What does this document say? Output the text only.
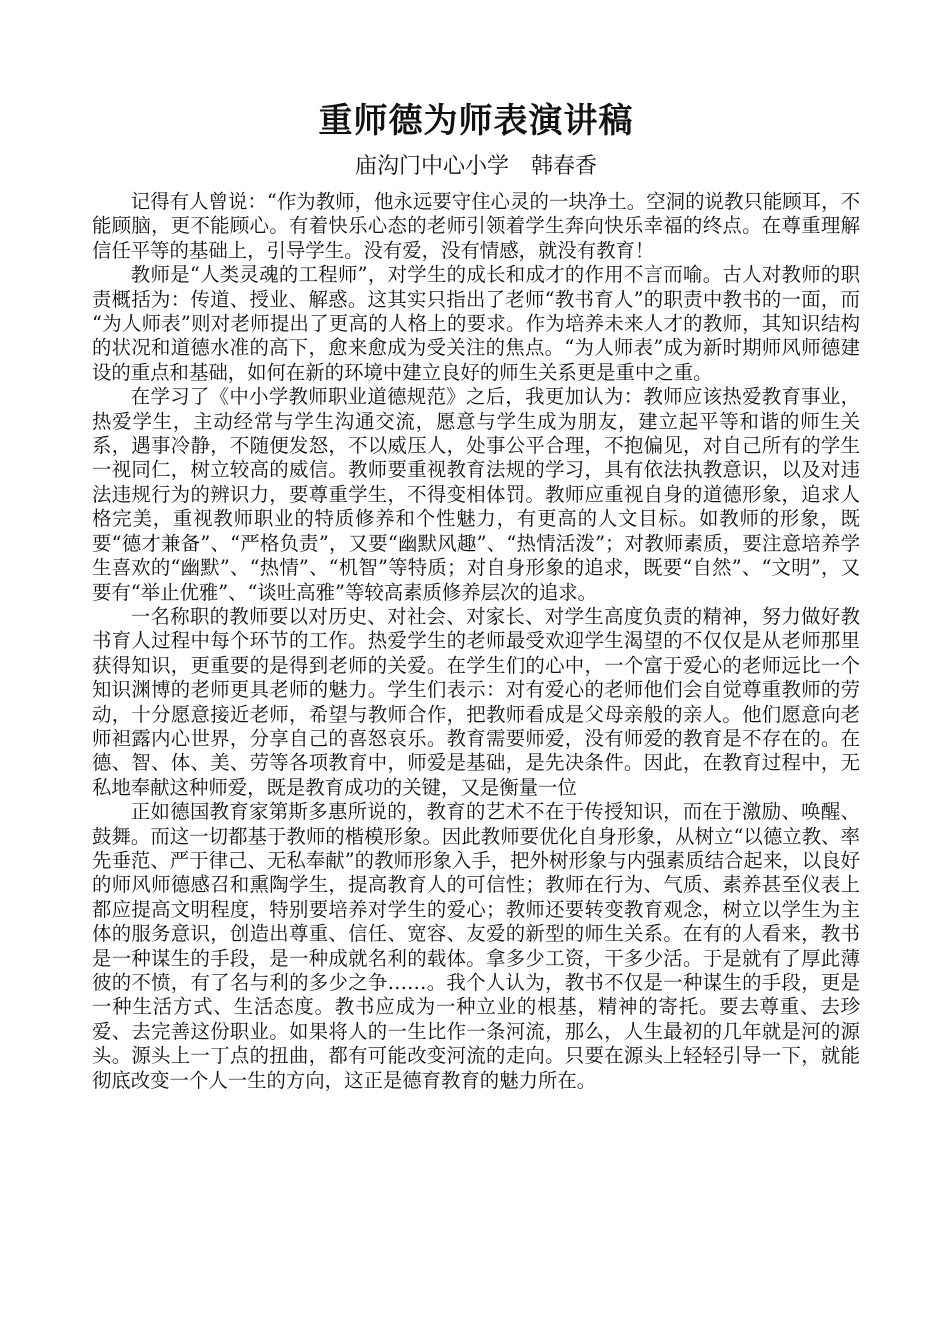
重师德为师表演讲稿
庙沟门中心小学　韩春香

记得有人曾说：“作为教师，他永远要守住心灵的一块净土。空洞的说教只能顾耳，不能顾脑，更不能顾心。有着快乐心态的老师引领着学生奔向快乐幸福的终点。在尊重理解信任平等的基础上，引导学生。没有爱，没有情感，就没有教育！

教师是“人类灵魂的工程师”，对学生的成长和成才的作用不言而喻。古人对教师的职责概括为：传道、授业、解惑。这其实只指出了老师“教书育人”的职责中教书的一面，而 “为人师表”则对老师提出了更高的人格上的要求。作为培养未来人才的教师，其知识结构的状况和道德水准的高下，愈来愈成为受关注的焦点。“为人师表”成为新时期师风师德建设的重点和基础，如何在新的环境中建立良好的师生关系更是重中之重。

在学习了《中小学教师职业道德规范》之后，我更加认为：教师应该热爱教育事业，热爱学生，主动经常与学生沟通交流，愿意与学生成为朋友，建立起平等和谐的师生关系，遇事冷静，不随便发怒，不以威压人，处事公平合理，不抱偏见，对自己所有的学生一视同仁，树立较高的威信。教师要重视教育法规的学习，具有依法执教意识，以及对违法违规行为的辨识力，要尊重学生，不得变相体罚。教师应重视自身的道德形象，追求人格完美，重视教师职业的特质修养和个性魅力，有更高的人文目标。如教师的形象，既要“德才兼备”、“严格负责”，又要“幽默风趣”、“热情活泼”；对教师素质，要注意培养学生喜欢的“幽默”、“热情”、“机智”等特质；对自身形象的追求，既要“自然”、“文明”，又要有“举止优雅”、“谈吐高雅”等较高素质修养层次的追求。

一名称职的教师要以对历史、对社会、对家长、对学生高度负责的精神，努力做好教书育人过程中每个环节的工作。热爱学生的老师最受欢迎学生渴望的不仅仅是从老师那里获得知识，更重要的是得到老师的关爱。在学生们的心中，一个富于爱心的老师远比一个知识渊博的老师更具老师的魅力。学生们表示：对有爱心的老师他们会自觉尊重教师的劳动，十分愿意接近老师，希望与教师合作，把教师看成是父母亲般的亲人。他们愿意向老师袒露内心世界，分享自己的喜怒哀乐。教育需要师爱，没有师爱的教育是不存在的。在德、智、体、美、劳等各项教育中，师爱是基础，是先决条件。因此，在教育过程中，无私地奉献这种师爱，既是教育成功的关键，又是衡量一位

正如德国教育家第斯多惠所说的，教育的艺术不在于传授知识，而在于激励、唤醒、鼓舞。而这一切都基于教师的楷模形象。因此教师要优化自身形象，从树立“以德立教、率先垂范、严于律己、无私奉献”的教师形象入手，把外树形象与内强素质结合起来，以良好的师风师德感召和熏陶学生，提高教育人的可信性；教师在行为、气质、素养甚至仪表上都应提高文明程度，特别要培养对学生的爱心；教师还要转变教育观念，树立以学生为主体的服务意识，创造出尊重、信任、宽容、友爱的新型的师生关系。在有的人看来，教书是一种谋生的手段，是一种成就名利的载体。拿多少工资，干多少活。于是就有了厚此薄彼的不愤，有了名与利的多少之争……。我个人认为，教书不仅是一种谋生的手段，更是一种生活方式、生活态度。教书应成为一种立业的根基，精神的寄托。要去尊重、去珍爱、去完善这份职业。如果将人的一生比作一条河流，那么，人生最初的几年就是河的源头。源头上一丁点的扭曲，都有可能改变河流的走向。只要在源头上轻轻引导一下，就能彻底改变一个人一生的方向，这正是德育教育的魅力所在。
